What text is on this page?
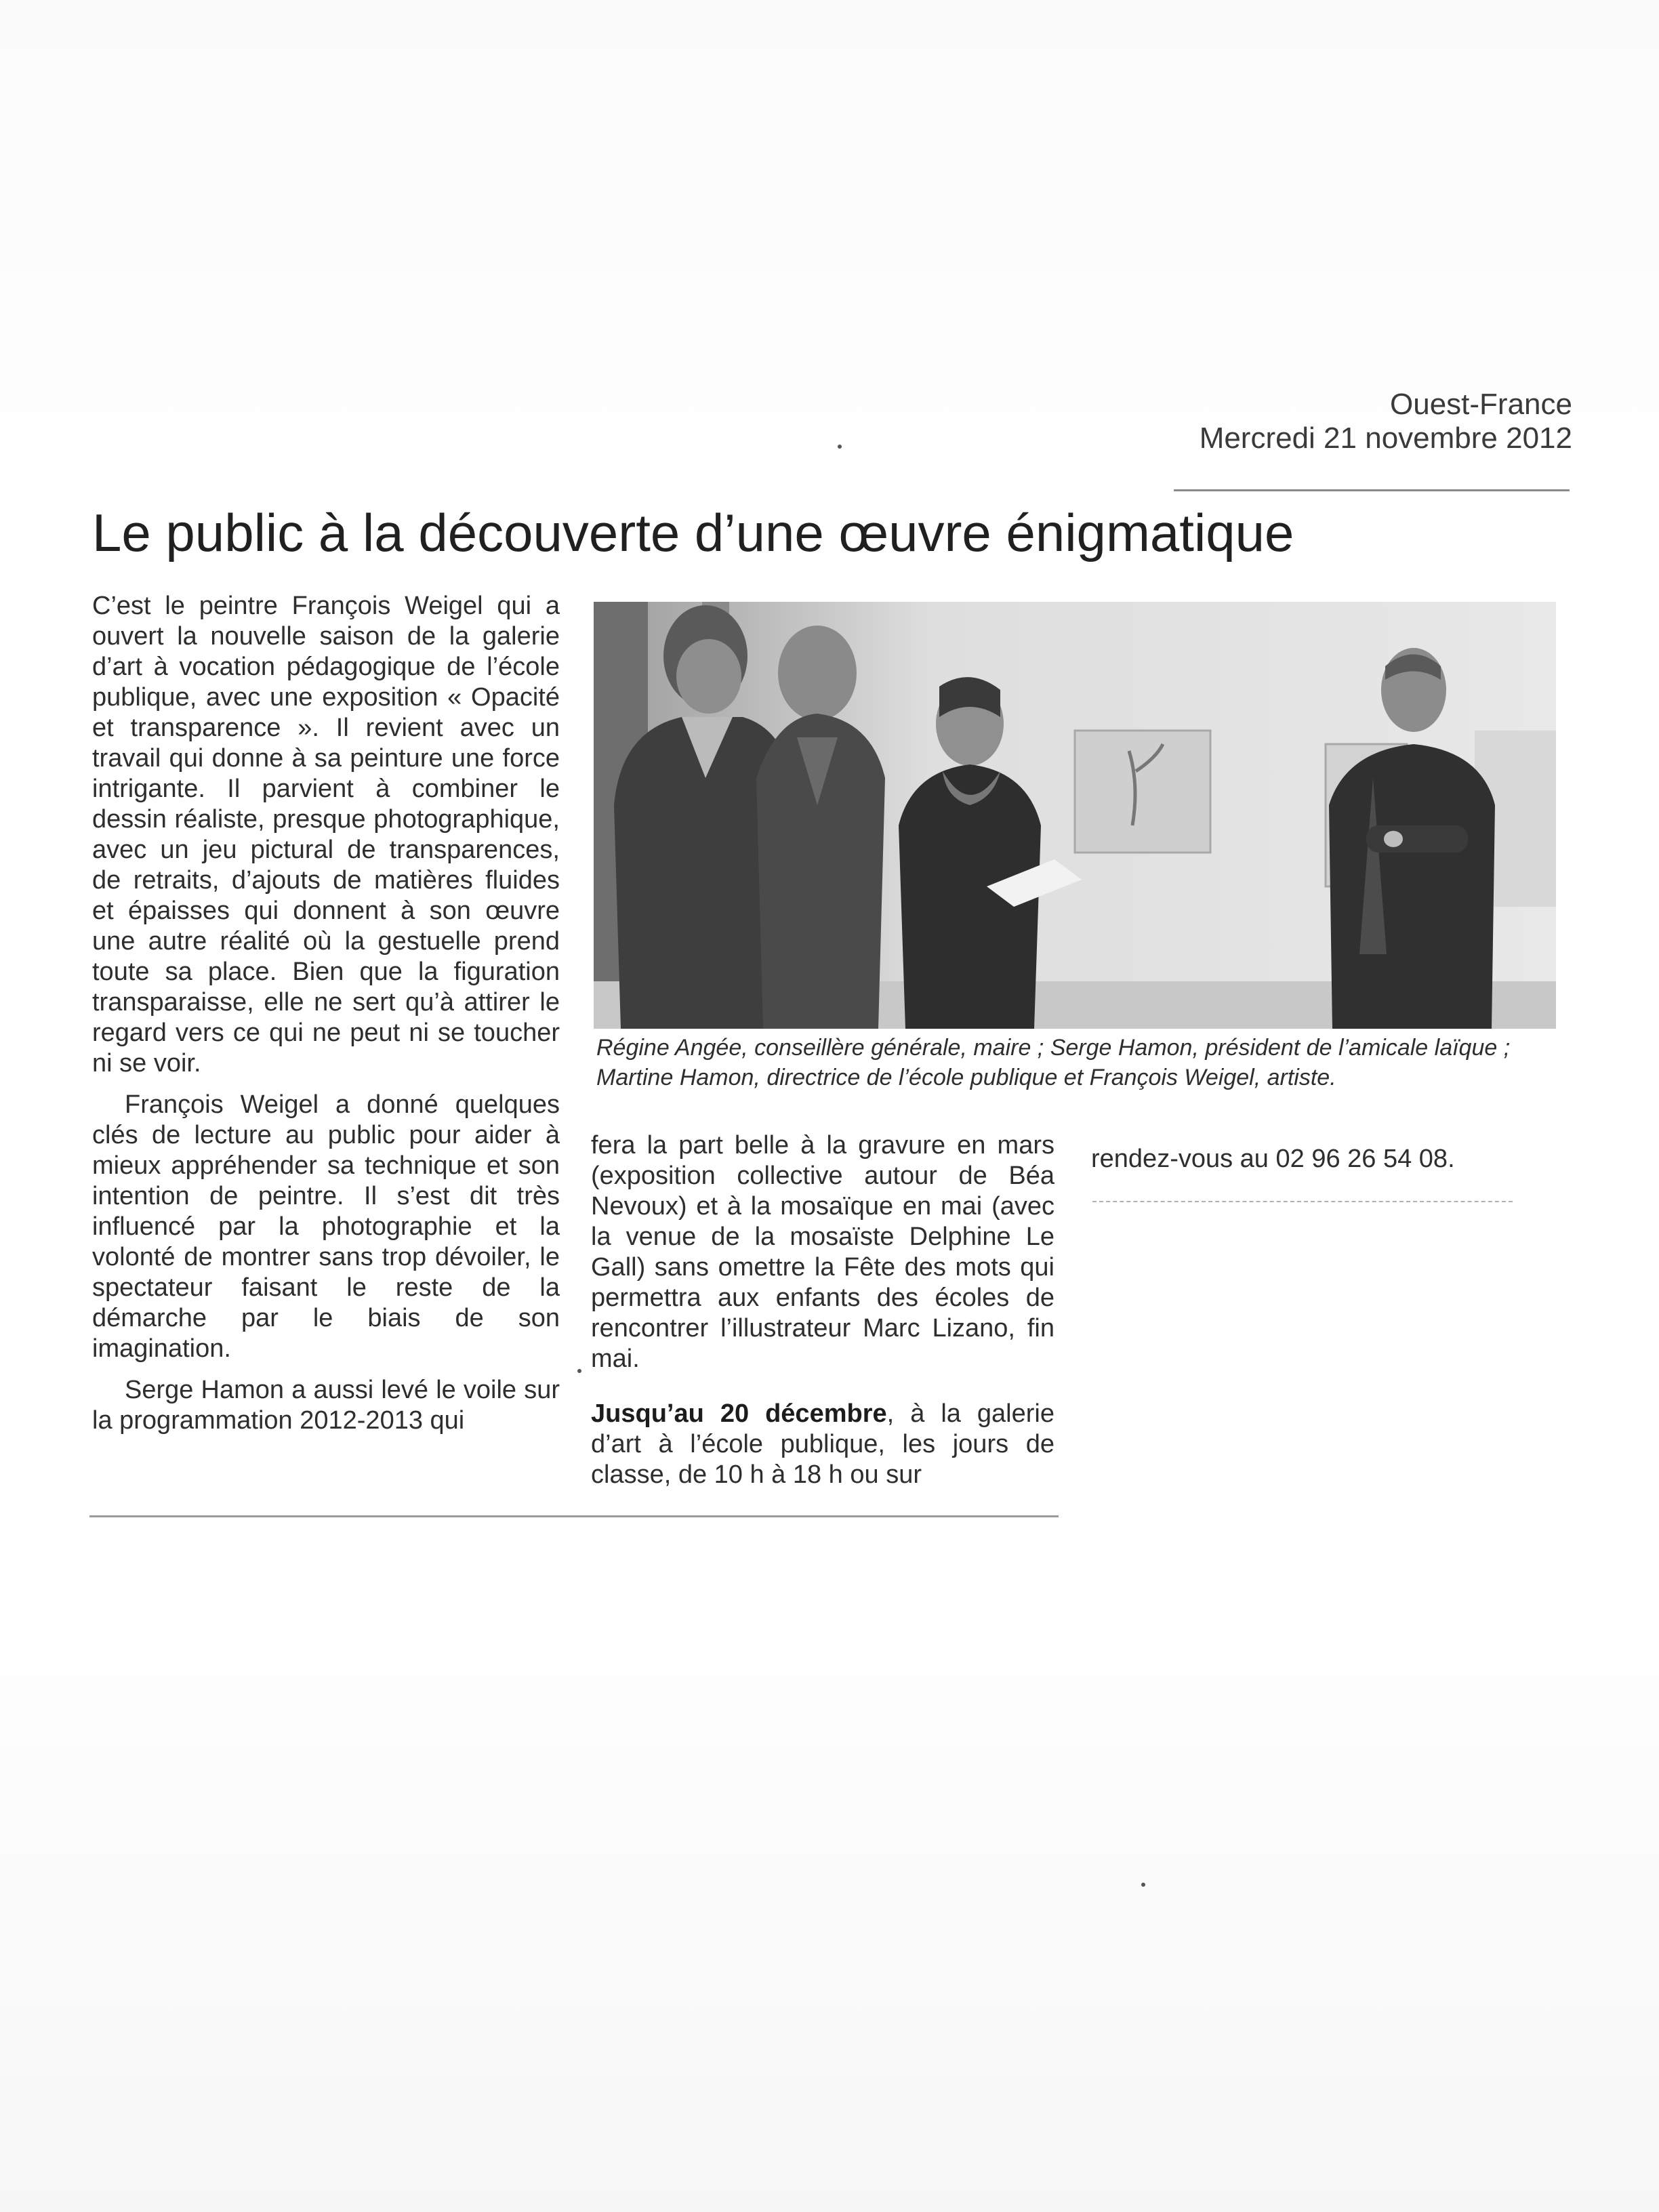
Ouest-France
Mercredi 21 novembre 2012
Le public à la découverte d’une œuvre énigmatique

C’est le peintre François Weigel qui a ouvert la nouvelle saison de la galerie d’art à vocation pédagogique de l’école publique, avec une exposition « Opacité et transparence ». Il revient avec un travail qui donne à sa peinture une force intrigante. Il parvient à combiner le dessin réaliste, presque photographique, avec un jeu pictural de transparences, de retraits, d’ajouts de matières fluides et épaisses qui donnent à son œuvre une autre réalité où la gestuelle prend toute sa place. Bien que la figuration transparaisse, elle ne sert qu’à attirer le regard vers ce qui ne peut ni se toucher ni se voir.

François Weigel a donné quelques clés de lecture au public pour aider à mieux appréhender sa technique et son intention de peintre. Il s’est dit très influencé par la photographie et la volonté de montrer sans trop dévoiler, le spectateur faisant le reste de la démarche par le biais de son imagination.

Serge Hamon a aussi levé le voile sur la programmation 2012-2013 qui

Régine Angée, conseillère générale, maire ; Serge Hamon, président de l’amicale laïque ; Martine Hamon, directrice de l’école publique et François Weigel, artiste.

fera la part belle à la gravure en mars (exposition collective autour de Béa Nevoux) et à la mosaïque en mai (avec la venue de la mosaïste Delphine Le Gall) sans omettre la Fête des mots qui permettra aux enfants des écoles de rencontrer l’illustrateur Marc Lizano, fin mai.

Jusqu’au 20 décembre, à la galerie d’art à l’école publique, les jours de classe, de 10 h à 18 h ou sur

rendez-vous au 02 96 26 54 08.
